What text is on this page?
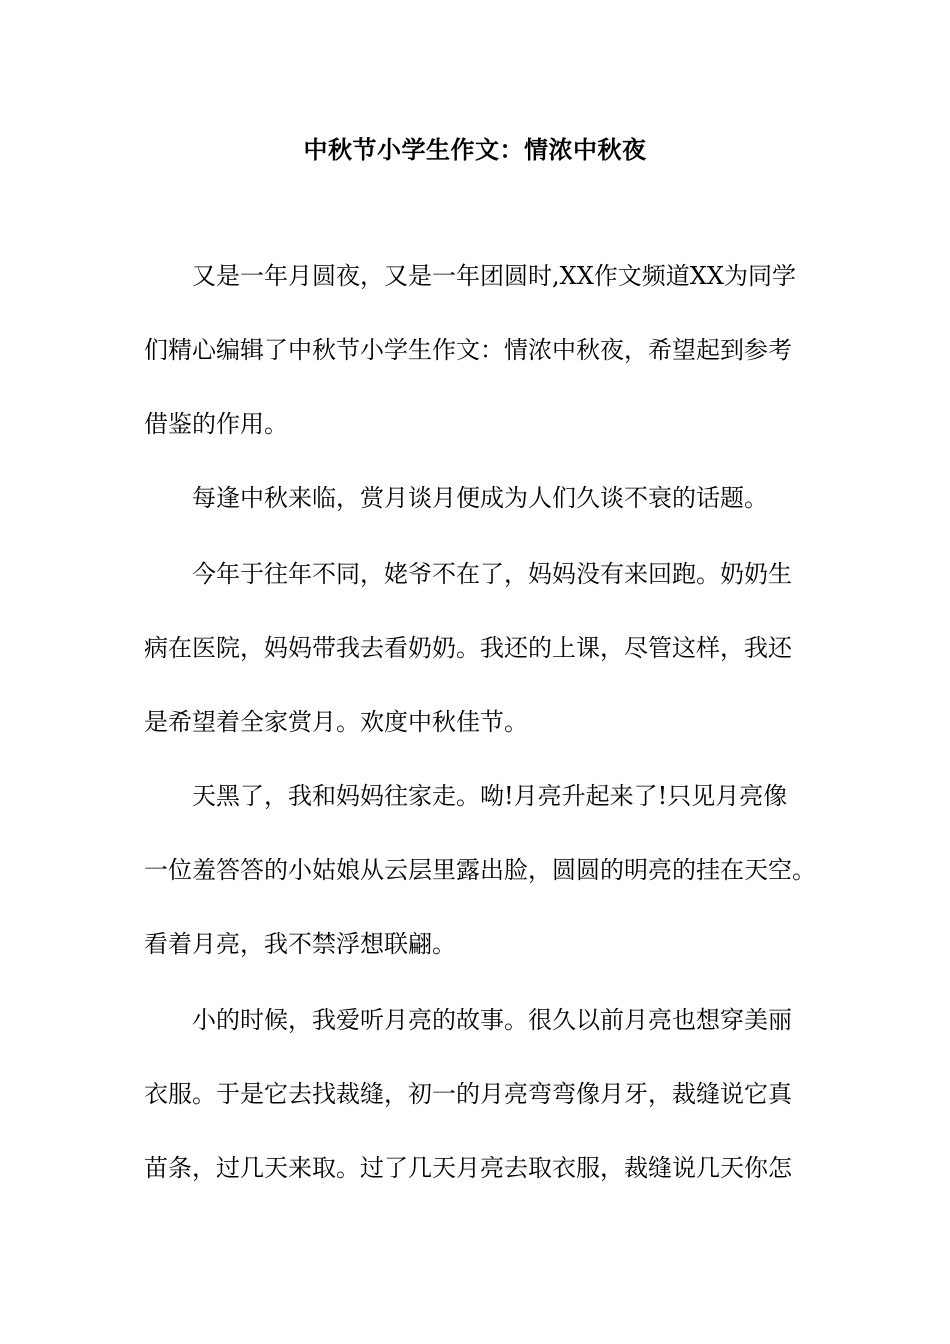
中秋节小学生作文：情浓中秋夜
又是一年月圆夜，又是一年团圆时,XX作文频道XX为同学
们精心编辑了中秋节小学生作文：情浓中秋夜，希望起到参考
借鉴的作用。
每逢中秋来临，赏月谈月便成为人们久谈不衰的话题。
今年于往年不同，姥爷不在了，妈妈没有来回跑。奶奶生
病在医院，妈妈带我去看奶奶。我还的上课，尽管这样，我还
是希望着全家赏月。欢度中秋佳节。
天黑了，我和妈妈往家走。呦!月亮升起来了!只见月亮像
一位羞答答的小姑娘从云层里露出脸，圆圆的明亮的挂在天空。
看着月亮，我不禁浮想联翩。
小的时候，我爱听月亮的故事。很久以前月亮也想穿美丽
衣服。于是它去找裁缝，初一的月亮弯弯像月牙，裁缝说它真
苗条，过几天来取。过了几天月亮去取衣服，裁缝说几天你怎
